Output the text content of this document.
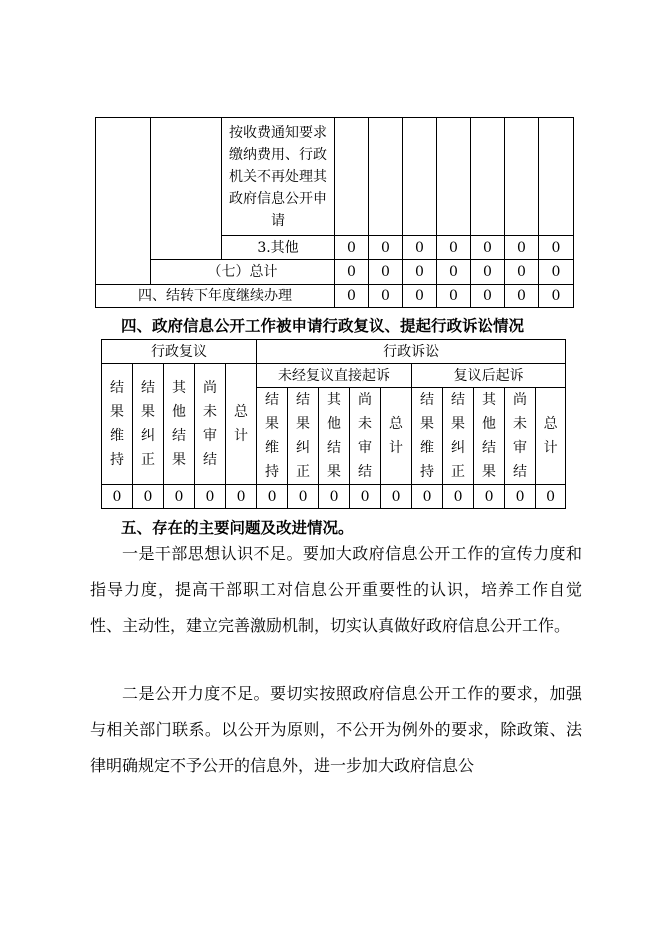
		按收费通知要求缴纳费用、行政机关不再处理其政府信息公开申请							

		3.其他	0	0	0	0	0	0	0
	（七）总计		0	0	0	0	0	0	0
四、结转下年度继续办理			0	0	0	0	0	0	0
四、政府信息公开工作被申请行政复议、提起行政诉讼情况
行政复议					行政诉讼									

结果维持	结果纠正	其他结果	尚未审结	总计	未经复议直接起诉					复议后起诉				

					结果维持	结果纠正	其他结果	尚未审结	总计	结果维持	结果纠正	其他结果	尚未审结	总计

0	0	0	0	0	0	0	0	0	0	0	0	0	0	0
五、存在的主要问题及改进情况。

一是干部思想认识不足。要加大政府信息公开工作的宣传力度和指导力度，提高干部职工对信息公开重要性的认识，培养工作自觉性、主动性，建立完善激励机制，切实认真做好政府信息公开工作。

二是公开力度不足。要切实按照政府信息公开工作的要求，加强与相关部门联系。以公开为原则，不公开为例外的要求，除政策、法律明确规定不予公开的信息外，进一步加大政府信息公
